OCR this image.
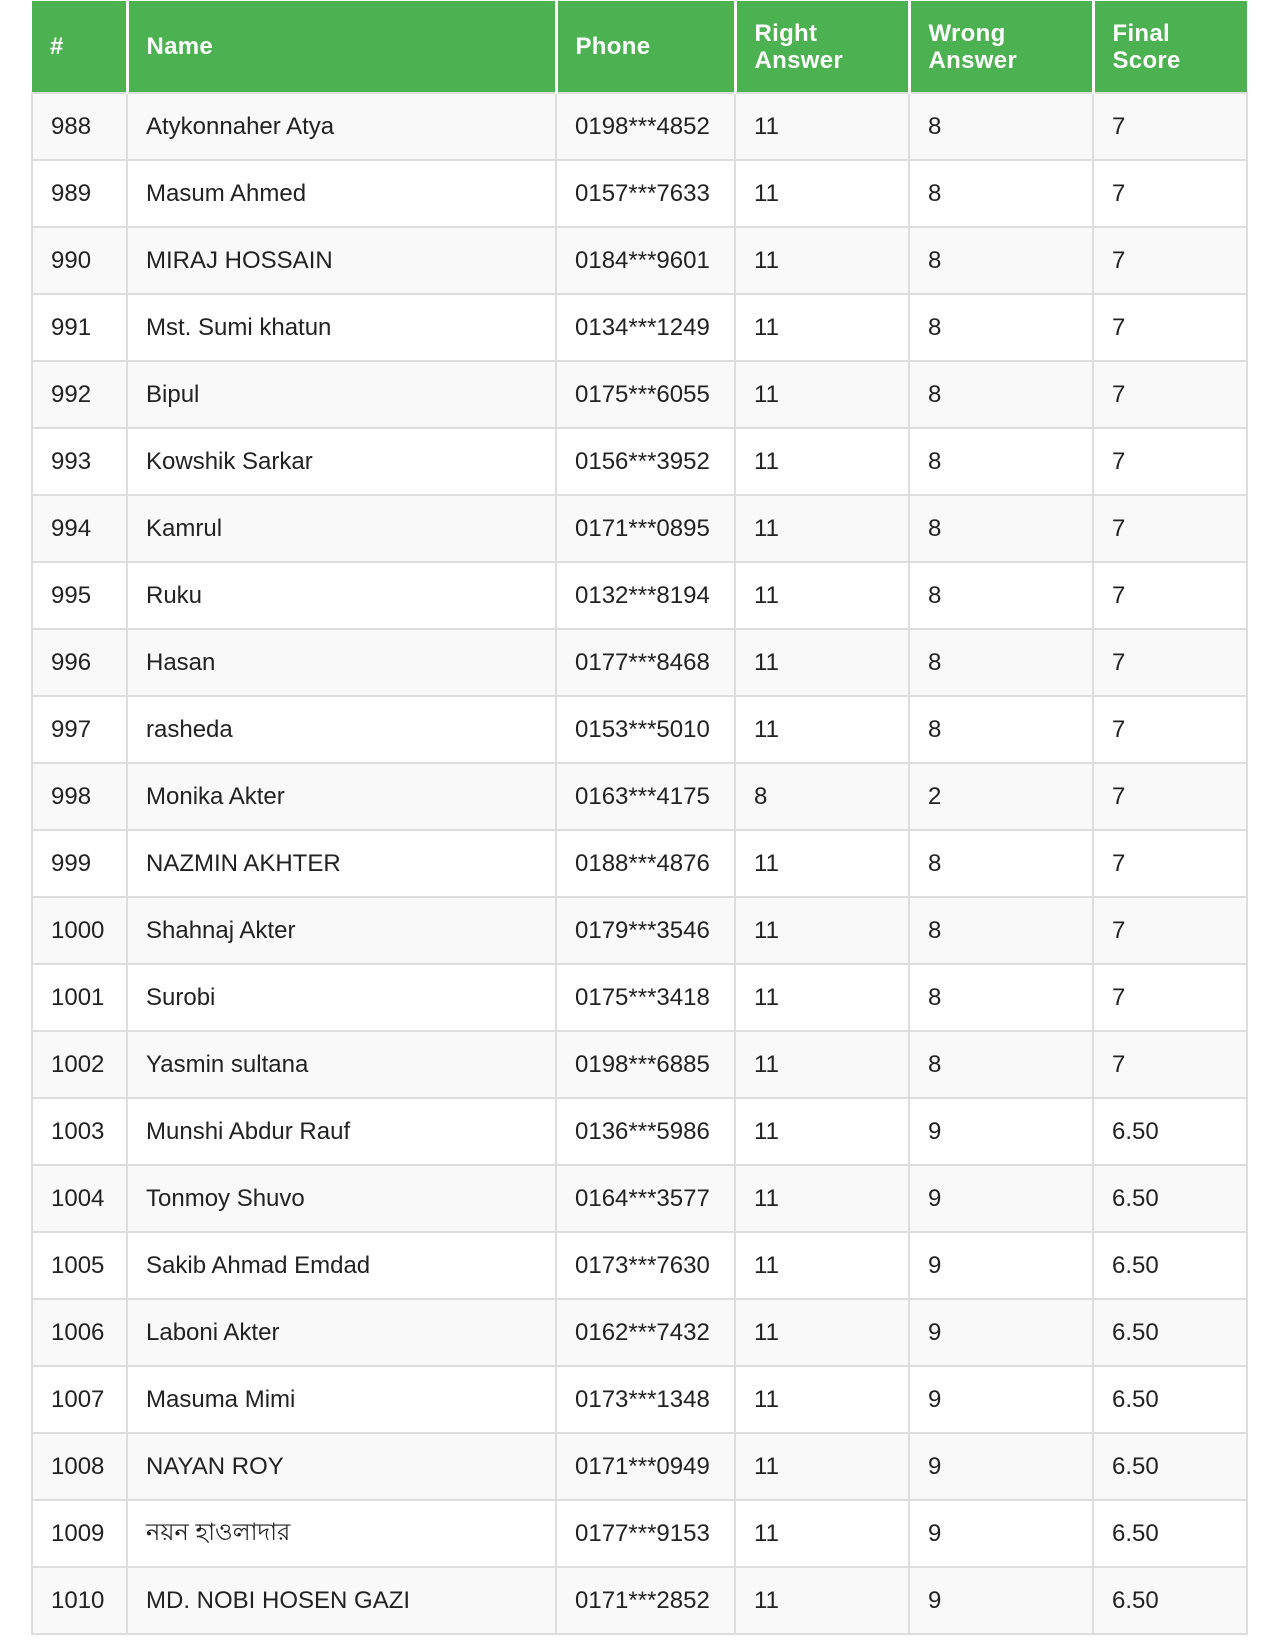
#	Name	Phone	Right Answer	Wrong Answer	Final Score
988	Atykonnaher Atya	0198***4852	11	8	7
989	Masum Ahmed	0157***7633	11	8	7
990	MIRAJ HOSSAIN	0184***9601	11	8	7
991	Mst. Sumi khatun	0134***1249	11	8	7
992	Bipul	0175***6055	11	8	7
993	Kowshik Sarkar	0156***3952	11	8	7
994	Kamrul	0171***0895	11	8	7
995	Ruku	0132***8194	11	8	7
996	Hasan	0177***8468	11	8	7
997	rasheda	0153***5010	11	8	7
998	Monika Akter	0163***4175	8	2	7
999	NAZMIN AKHTER	0188***4876	11	8	7
1000	Shahnaj Akter	0179***3546	11	8	7
1001	Surobi	0175***3418	11	8	7
1002	Yasmin sultana	0198***6885	11	8	7
1003	Munshi Abdur Rauf	0136***5986	11	9	6.50
1004	Tonmoy Shuvo	0164***3577	11	9	6.50
1005	Sakib Ahmad Emdad	0173***7630	11	9	6.50
1006	Laboni Akter	0162***7432	11	9	6.50
1007	Masuma Mimi	0173***1348	11	9	6.50
1008	NAYAN ROY	0171***0949	11	9	6.50
1009	নয়ন হাওলাদার	0177***9153	11	9	6.50
1010	MD. NOBI HOSEN GAZI	0171***2852	11	9	6.50
